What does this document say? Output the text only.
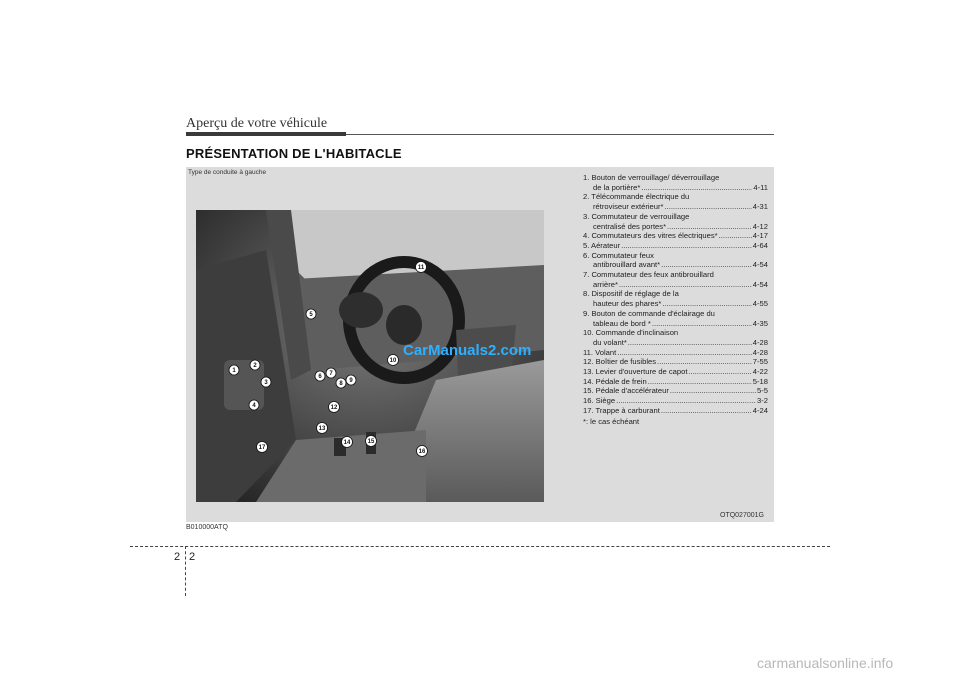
Aperçu de votre véhicule
PRÉSENTATION DE L'HABITACLE
Type de conduite à gauche
1
2
3
4
5
6 7
8 9
10
11
12
13
14	15
16
17
CarManuals2.com
1. Bouton de verrouillage/ déverrouillage
de la portière* .....	4-11
2. Télécommande électrique du
rétroviseur extérieur* .....	4-31
3. Commutateur de verrouillage
centralisé des portes* .....	4-12
4. Commutateurs des vitres électriques* .....	4-17
5. Aérateur .....	4-64
6. Commutateur feux
antibrouillard avant* .....	4-54
7. Commutateur des feux antibrouillard
arrière* .....	4-54
8. Dispositif de réglage de la
hauteur des phares* .....	4-55
9. Bouton de commande d'éclairage du
tableau de bord * .....	4-35
10. Commande d'inclinaison
du volant* .....	4-28
11. Volant .....	4-28
12. Boîtier de fusibles .....	7-55
13. Levier d'ouverture de capot .....	4-22
14. Pédale de frein .....	5-18
15. Pédale d'accélérateur .....	5-5
16. Siège .....	3-2
17. Trappe à carburant .....	4-24
*: le cas échéant
OTQ027001G
B010000ATQ
2 2
carmanualsonline.info
